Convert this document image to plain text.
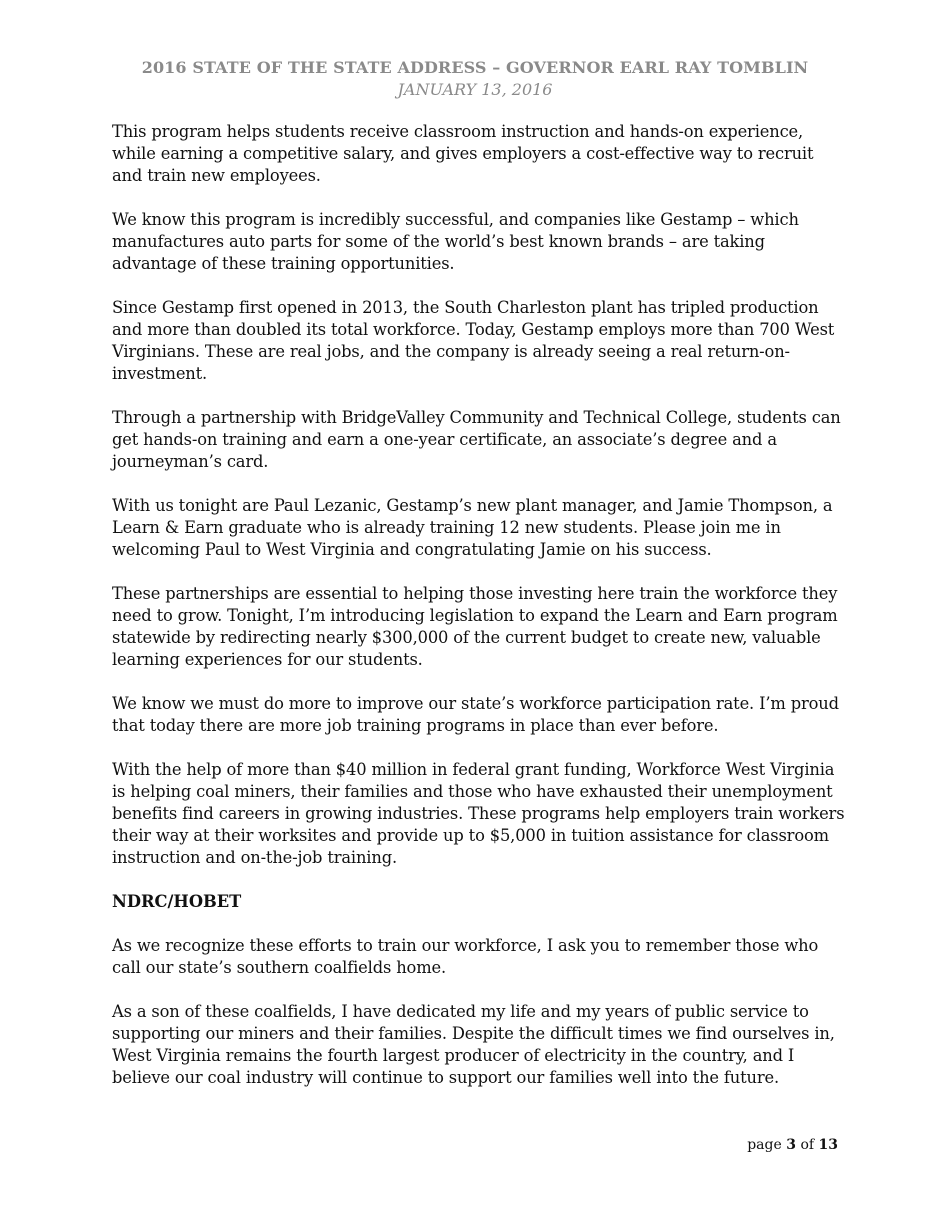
2016 STATE OF THE STATE ADDRESS – GOVERNOR EARL RAY TOMBLIN
JANUARY 13, 2016

This program helps students receive classroom instruction and hands-on experience, while earning a competitive salary, and gives employers a cost-effective way to recruit and train new employees.

We know this program is incredibly successful, and companies like Gestamp – which manufactures auto parts for some of the world’s best known brands – are taking advantage of these training opportunities.

Since Gestamp first opened in 2013, the South Charleston plant has tripled production and more than doubled its total workforce. Today, Gestamp employs more than 700 West Virginians. These are real jobs, and the company is already seeing a real return-on-investment.

Through a partnership with BridgeValley Community and Technical College, students can get hands-on training and earn a one-year certificate, an associate’s degree and a journeyman’s card.

With us tonight are Paul Lezanic, Gestamp’s new plant manager, and Jamie Thompson, a Learn & Earn graduate who is already training 12 new students. Please join me in welcoming Paul to West Virginia and congratulating Jamie on his success.

These partnerships are essential to helping those investing here train the workforce they need to grow. Tonight, I’m introducing legislation to expand the Learn and Earn program statewide by redirecting nearly $300,000 of the current budget to create new, valuable learning experiences for our students.

We know we must do more to improve our state’s workforce participation rate. I’m proud that today there are more job training programs in place than ever before.

With the help of more than $40 million in federal grant funding, Workforce West Virginia is helping coal miners, their families and those who have exhausted their unemployment benefits find careers in growing industries. These programs help employers train workers their way at their worksites and provide up to $5,000 in tuition assistance for classroom instruction and on-the-job training.

NDRC/HOBET

As we recognize these efforts to train our workforce, I ask you to remember those who call our state’s southern coalfields home.

As a son of these coalfields, I have dedicated my life and my years of public service to supporting our miners and their families. Despite the difficult times we find ourselves in, West Virginia remains the fourth largest producer of electricity in the country, and I believe our coal industry will continue to support our families well into the future.

page 3 of 13
